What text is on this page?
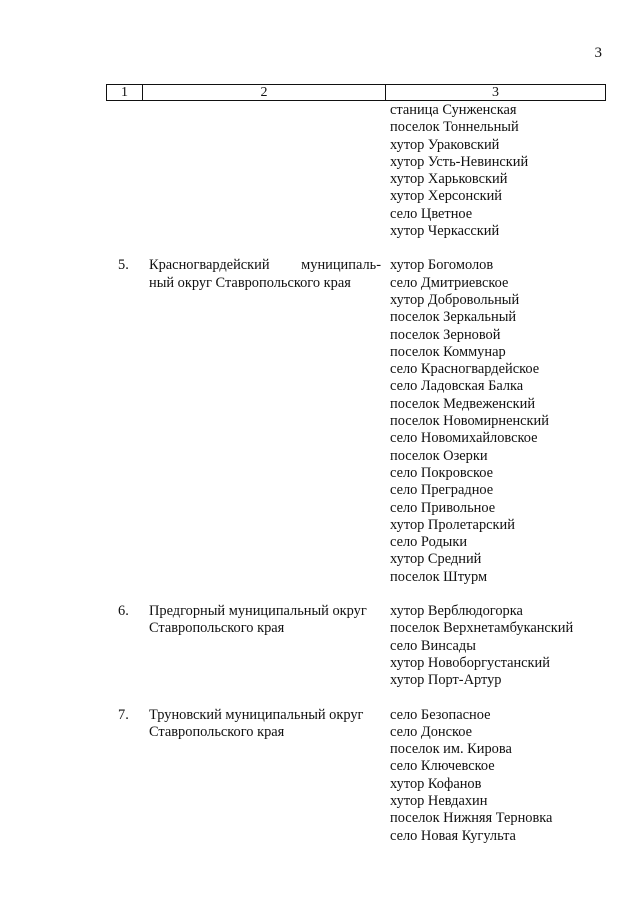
3
1	2	3
станица Сунженская
поселок Тоннельный
хутор Ураковский
хутор Усть-Невинский
хутор Харьковский
хутор Херсонский
село Цветное
хутор Черкасский
5. Красногвардейский муниципаль-
ный округ Ставропольского края
хутор Богомолов
село Дмитриевское
хутор Добровольный
поселок Зеркальный
поселок Зерновой
поселок Коммунар
село Красногвардейское
село Ладовская Балка
поселок Медвеженский
поселок Новомирненский
село Новомихайловское
поселок Озерки
село Покровское
село Преградное
село Привольное
хутор Пролетарский
село Родыки
хутор Средний
поселок Штурм
6. Предгорный муниципальный округ
Ставропольского края
хутор Верблюдогорка
поселок Верхнетамбуканский
село Винсады
хутор Новоборгустанский
хутор Порт-Артур
7. Труновский муниципальный округ
Ставропольского края
село Безопасное
село Донское
поселок им. Кирова
село Ключевское
хутор Кофанов
хутор Невдахин
поселок Нижняя Терновка
село Новая Кугульта
